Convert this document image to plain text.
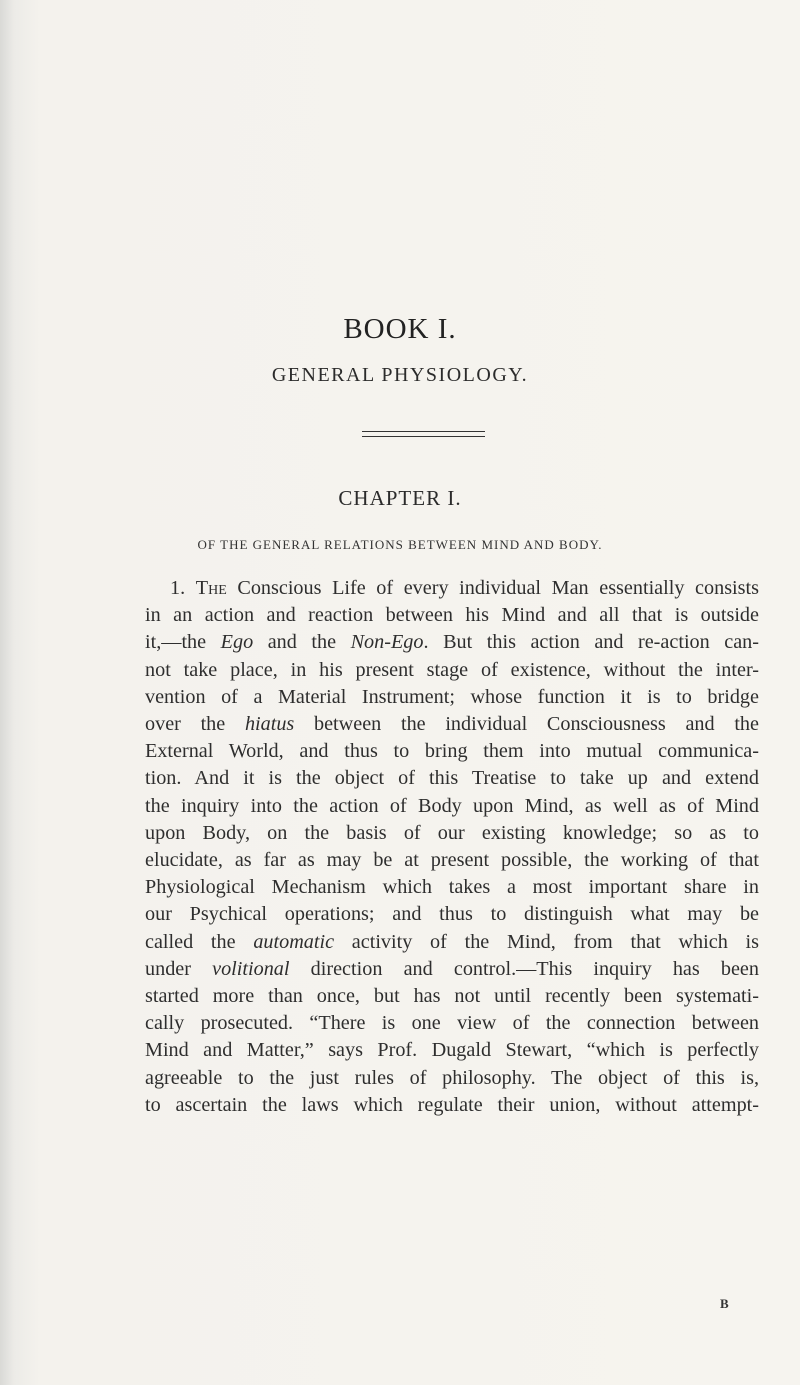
BOOK I.
GENERAL PHYSIOLOGY.
CHAPTER I.
OF THE GENERAL RELATIONS BETWEEN MIND AND BODY.
1. The Conscious Life of every individual Man essentially consists
in an action and reaction between his Mind and all that is outside
it,—the Ego and the Non-Ego. But this action and re-action can-
not take place, in his present stage of existence, without the inter-
vention of a Material Instrument; whose function it is to bridge
over the hiatus between the individual Consciousness and the
External World, and thus to bring them into mutual communica-
tion. And it is the object of this Treatise to take up and extend
the inquiry into the action of Body upon Mind, as well as of Mind
upon Body, on the basis of our existing knowledge; so as to
elucidate, as far as may be at present possible, the working of that
Physiological Mechanism which takes a most important share in
our Psychical operations; and thus to distinguish what may be
called the automatic activity of the Mind, from that which is
under volitional direction and control.—This inquiry has been
started more than once, but has not until recently been systemati-
cally prosecuted. “There is one view of the connection between
Mind and Matter,” says Prof. Dugald Stewart, “which is perfectly
agreeable to the just rules of philosophy. The object of this is,
to ascertain the laws which regulate their union, without attempt-
B
